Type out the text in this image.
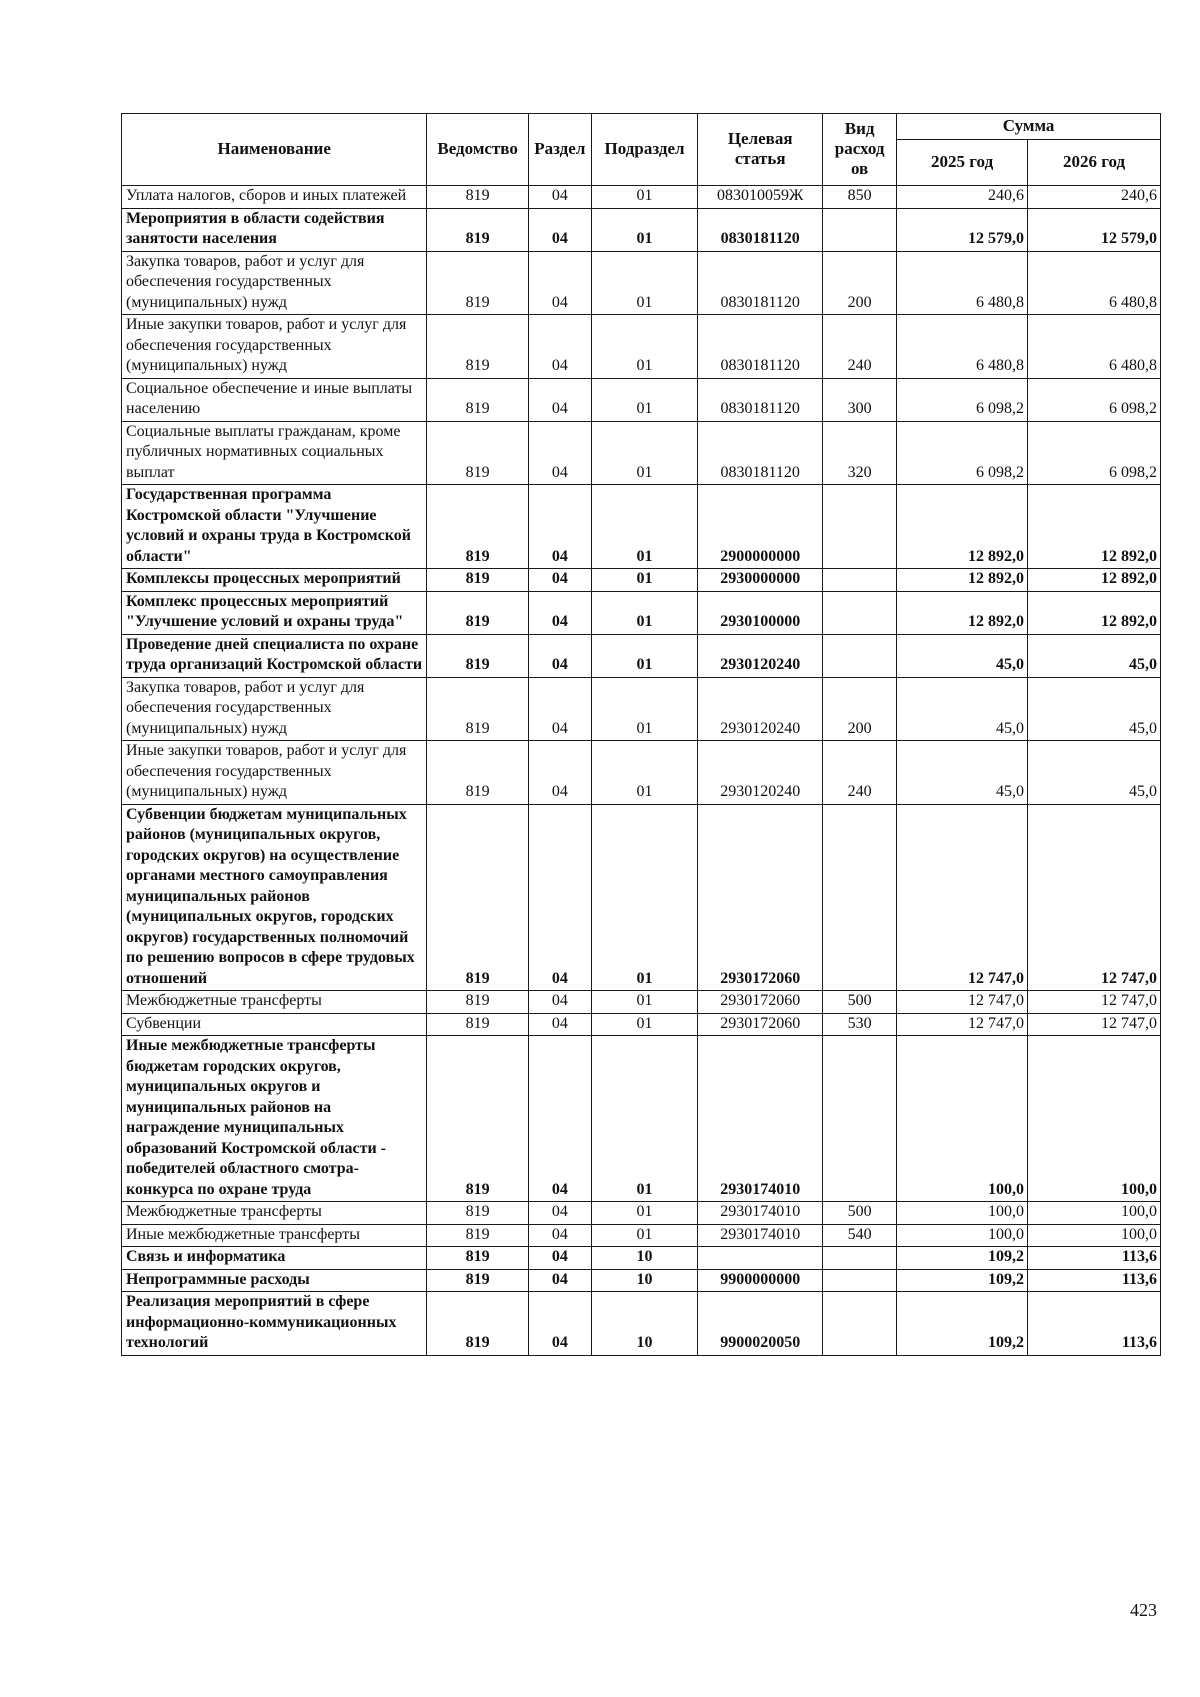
Наименование	Ведомство	Раздел	Подраздел	Целевая статья	Вид расход ов	Сумма	
						2025 год	2026 год
Уплата налогов, сборов и иных платежей	819	04	01	083010059Ж	850	240,6	240,6
Мероприятия в области содействия занятости населения	819	04	01	0830181120		12 579,0	12 579,0
Закупка товаров, работ и услуг для обеспечения государственных (муниципальных) нужд	819	04	01	0830181120	200	6 480,8	6 480,8
Иные закупки товаров, работ и услуг для обеспечения государственных (муниципальных) нужд	819	04	01	0830181120	240	6 480,8	6 480,8
Социальное обеспечение и иные выплаты населению	819	04	01	0830181120	300	6 098,2	6 098,2
Социальные выплаты гражданам, кроме публичных нормативных социальных выплат	819	04	01	0830181120	320	6 098,2	6 098,2
Государственная программа Костромской области "Улучшение условий и охраны труда в Костромской области"	819	04	01	2900000000		12 892,0	12 892,0
Комплексы процессных мероприятий	819	04	01	2930000000		12 892,0	12 892,0
Комплекс процессных мероприятий "Улучшение условий и охраны труда"	819	04	01	2930100000		12 892,0	12 892,0
Проведение дней специалиста по охране труда организаций Костромской области	819	04	01	2930120240		45,0	45,0
Закупка товаров, работ и услуг для обеспечения государственных (муниципальных) нужд	819	04	01	2930120240	200	45,0	45,0
Иные закупки товаров, работ и услуг для обеспечения государственных (муниципальных) нужд	819	04	01	2930120240	240	45,0	45,0
Субвенции бюджетам муниципальных районов (муниципальных округов, городских округов) на осуществление органами местного самоуправления муниципальных районов (муниципальных округов, городских округов) государственных полномочий по решению вопросов в сфере трудовых отношений	819	04	01	2930172060		12 747,0	12 747,0
Межбюджетные трансферты	819	04	01	2930172060	500	12 747,0	12 747,0
Субвенции	819	04	01	2930172060	530	12 747,0	12 747,0
Иные межбюджетные трансферты бюджетам городских округов, муниципальных округов и муниципальных районов на награждение муниципальных образований Костромской области - победителей областного смотра-конкурса по охране труда	819	04	01	2930174010		100,0	100,0
Межбюджетные трансферты	819	04	01	2930174010	500	100,0	100,0
Иные межбюджетные трансферты	819	04	01	2930174010	540	100,0	100,0
Связь и информатика	819	04	10			109,2	113,6
Непрограммные расходы	819	04	10	9900000000		109,2	113,6
Реализация мероприятий в сфере информационно-коммуникационных технологий	819	04	10	9900020050		109,2	113,6
423
